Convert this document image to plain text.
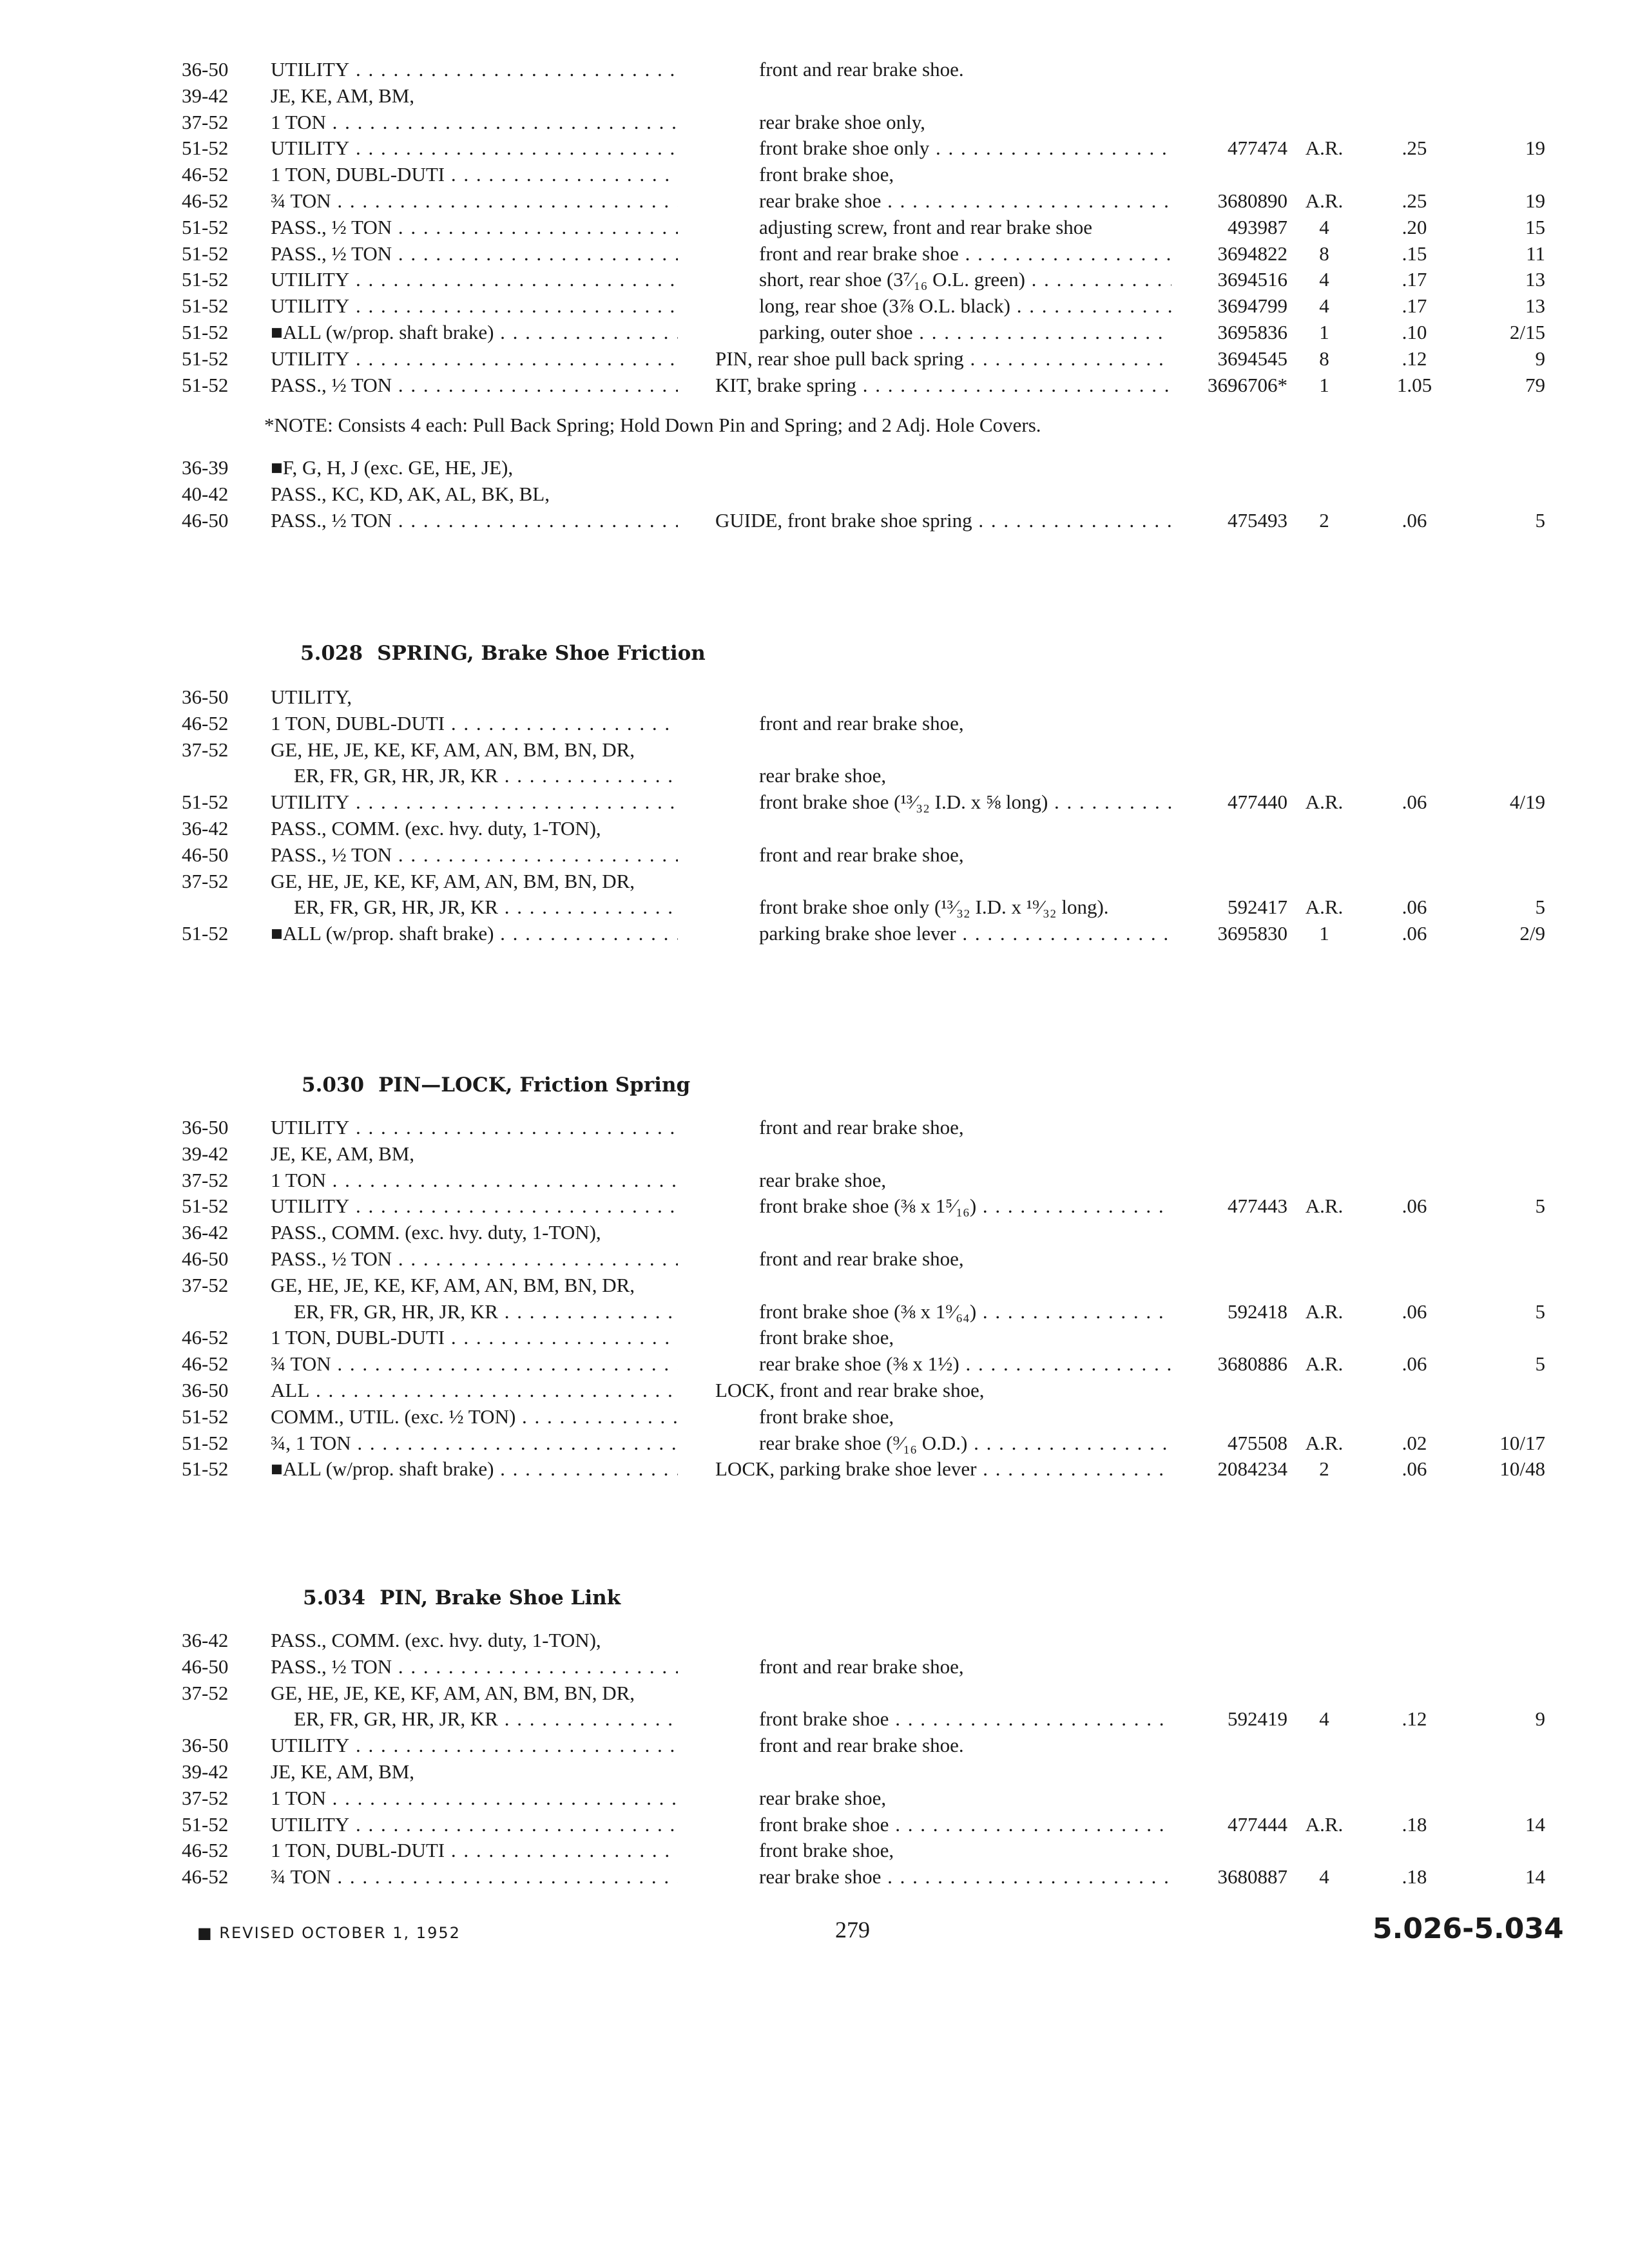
36-50 UTILITY . . .	front and rear brake shoe.
39-42 JE, KE, AM, BM,
37-52 1 TON . . .	rear brake shoe only,
51-52 UTILITY . . .	front brake shoe only . . .	477474 A.R.	.25	19
46-52 1 TON, DUBL-DUTI . . .	front brake shoe,
46-52 ¾ TON . . .	rear brake shoe . . .	3680890 A.R.	.25	19
51-52 PASS., ½ TON . . .	adjusting screw, front and rear brake shoe	493987	4	.20	15
51-52 PASS., ½ TON . . .	front and rear brake shoe . . .	3694822	8	.15	11
51-52 UTILITY . . .	short, rear shoe (3⁷⁄₁₆ O.L. green) . . .	3694516	4	.17	13
51-52 UTILITY . . .	long, rear shoe (3⅞ O.L. black) . . .	3694799	4	.17	13
51-52 ■ALL (w/prop. shaft brake) . . .	parking, outer shoe . . .	3695836	1	.10	2/15
51-52 UTILITY . . .	PIN, rear shoe pull back spring . . .	3694545	8	.12	9
51-52 PASS., ½ TON . . .	KIT, brake spring . . .	3696706*	1	1.05	79
*NOTE: Consists 4 each: Pull Back Spring; Hold Down Pin and Spring; and 2 Adj. Hole Covers.
36-39 ■F, G, H, J (exc. GE, HE, JE),
40-42 PASS., KC, KD, AK, AL, BK, BL,
46-50 PASS., ½ TON . . .	GUIDE, front brake shoe spring . . .	475493	2	.06	5
5.028 SPRING, Brake Shoe Friction
36-50 UTILITY,
46-52 1 TON, DUBL-DUTI . . .	front and rear brake shoe,
37-52 GE, HE, JE, KE, KF, AM, AN, BM, BN, DR,
ER, FR, GR, HR, JR, KR . . .	rear brake shoe,
51-52 UTILITY . . .	front brake shoe (¹³⁄₃₂ I.D. x ⅝ long) . . .	477440 A.R.	.06	4/19
36-42 PASS., COMM. (exc. hvy. duty, 1-TON),
46-50 PASS., ½ TON . . .	front and rear brake shoe,
37-52 GE, HE, JE, KE, KF, AM, AN, BM, BN, DR,
ER, FR, GR, HR, JR, KR . . .	front brake shoe only (¹³⁄₃₂ I.D. x ¹⁹⁄₃₂ long).	592417 A.R.	.06	5
51-52 ■ALL (w/prop. shaft brake) . . .	parking brake shoe lever . . .	3695830	1	.06	2/9
5.030 PIN—LOCK, Friction Spring
36-50 UTILITY . . .	front and rear brake shoe,
39-42 JE, KE, AM, BM,
37-52 1 TON . . .	rear brake shoe,
51-52 UTILITY . . .	front brake shoe (⅜ x 1⁵⁄₁₆) . . .	477443 A.R.	.06	5
36-42 PASS., COMM. (exc. hvy. duty, 1-TON),
46-50 PASS., ½ TON . . .	front and rear brake shoe,
37-52 GE, HE, JE, KE, KF, AM, AN, BM, BN, DR,
ER, FR, GR, HR, JR, KR . . .	front brake shoe (⅜ x 1⁹⁄₆₄) . . .	592418 A.R.	.06	5
46-52 1 TON, DUBL-DUTI . . .	front brake shoe,
46-52 ¾ TON . . .	rear brake shoe (⅜ x 1½) . . .	3680886 A.R.	.06	5
36-50 ALL . . .	LOCK, front and rear brake shoe,
51-52 COMM., UTIL. (exc. ½ TON) . . .	front brake shoe,
51-52 ¾, 1 TON . . .	rear brake shoe (⁹⁄₁₆ O.D.) . . .	475508 A.R.	.02	10/17
51-52 ■ALL (w/prop. shaft brake) . . .	LOCK, parking brake shoe lever . . .	2084234	2	.06	10/48
5.034 PIN, Brake Shoe Link
36-42 PASS., COMM. (exc. hvy. duty, 1-TON),
46-50 PASS., ½ TON . . .	front and rear brake shoe,
37-52 GE, HE, JE, KE, KF, AM, AN, BM, BN, DR,
ER, FR, GR, HR, JR, KR . . .	front brake shoe . . .	592419	4	.12	9
36-50 UTILITY . . .	front and rear brake shoe.
39-42 JE, KE, AM, BM,
37-52 1 TON . . .	rear brake shoe,
51-52 UTILITY . . .	front brake shoe . . .	477444 A.R.	.18	14
46-52 1 TON, DUBL-DUTI . . .	front brake shoe,
46-52 ¾ TON . . .	rear brake shoe . . .	3680887	4	.18	14
■ REVISED OCTOBER 1, 1952	279	5.026-5.034
